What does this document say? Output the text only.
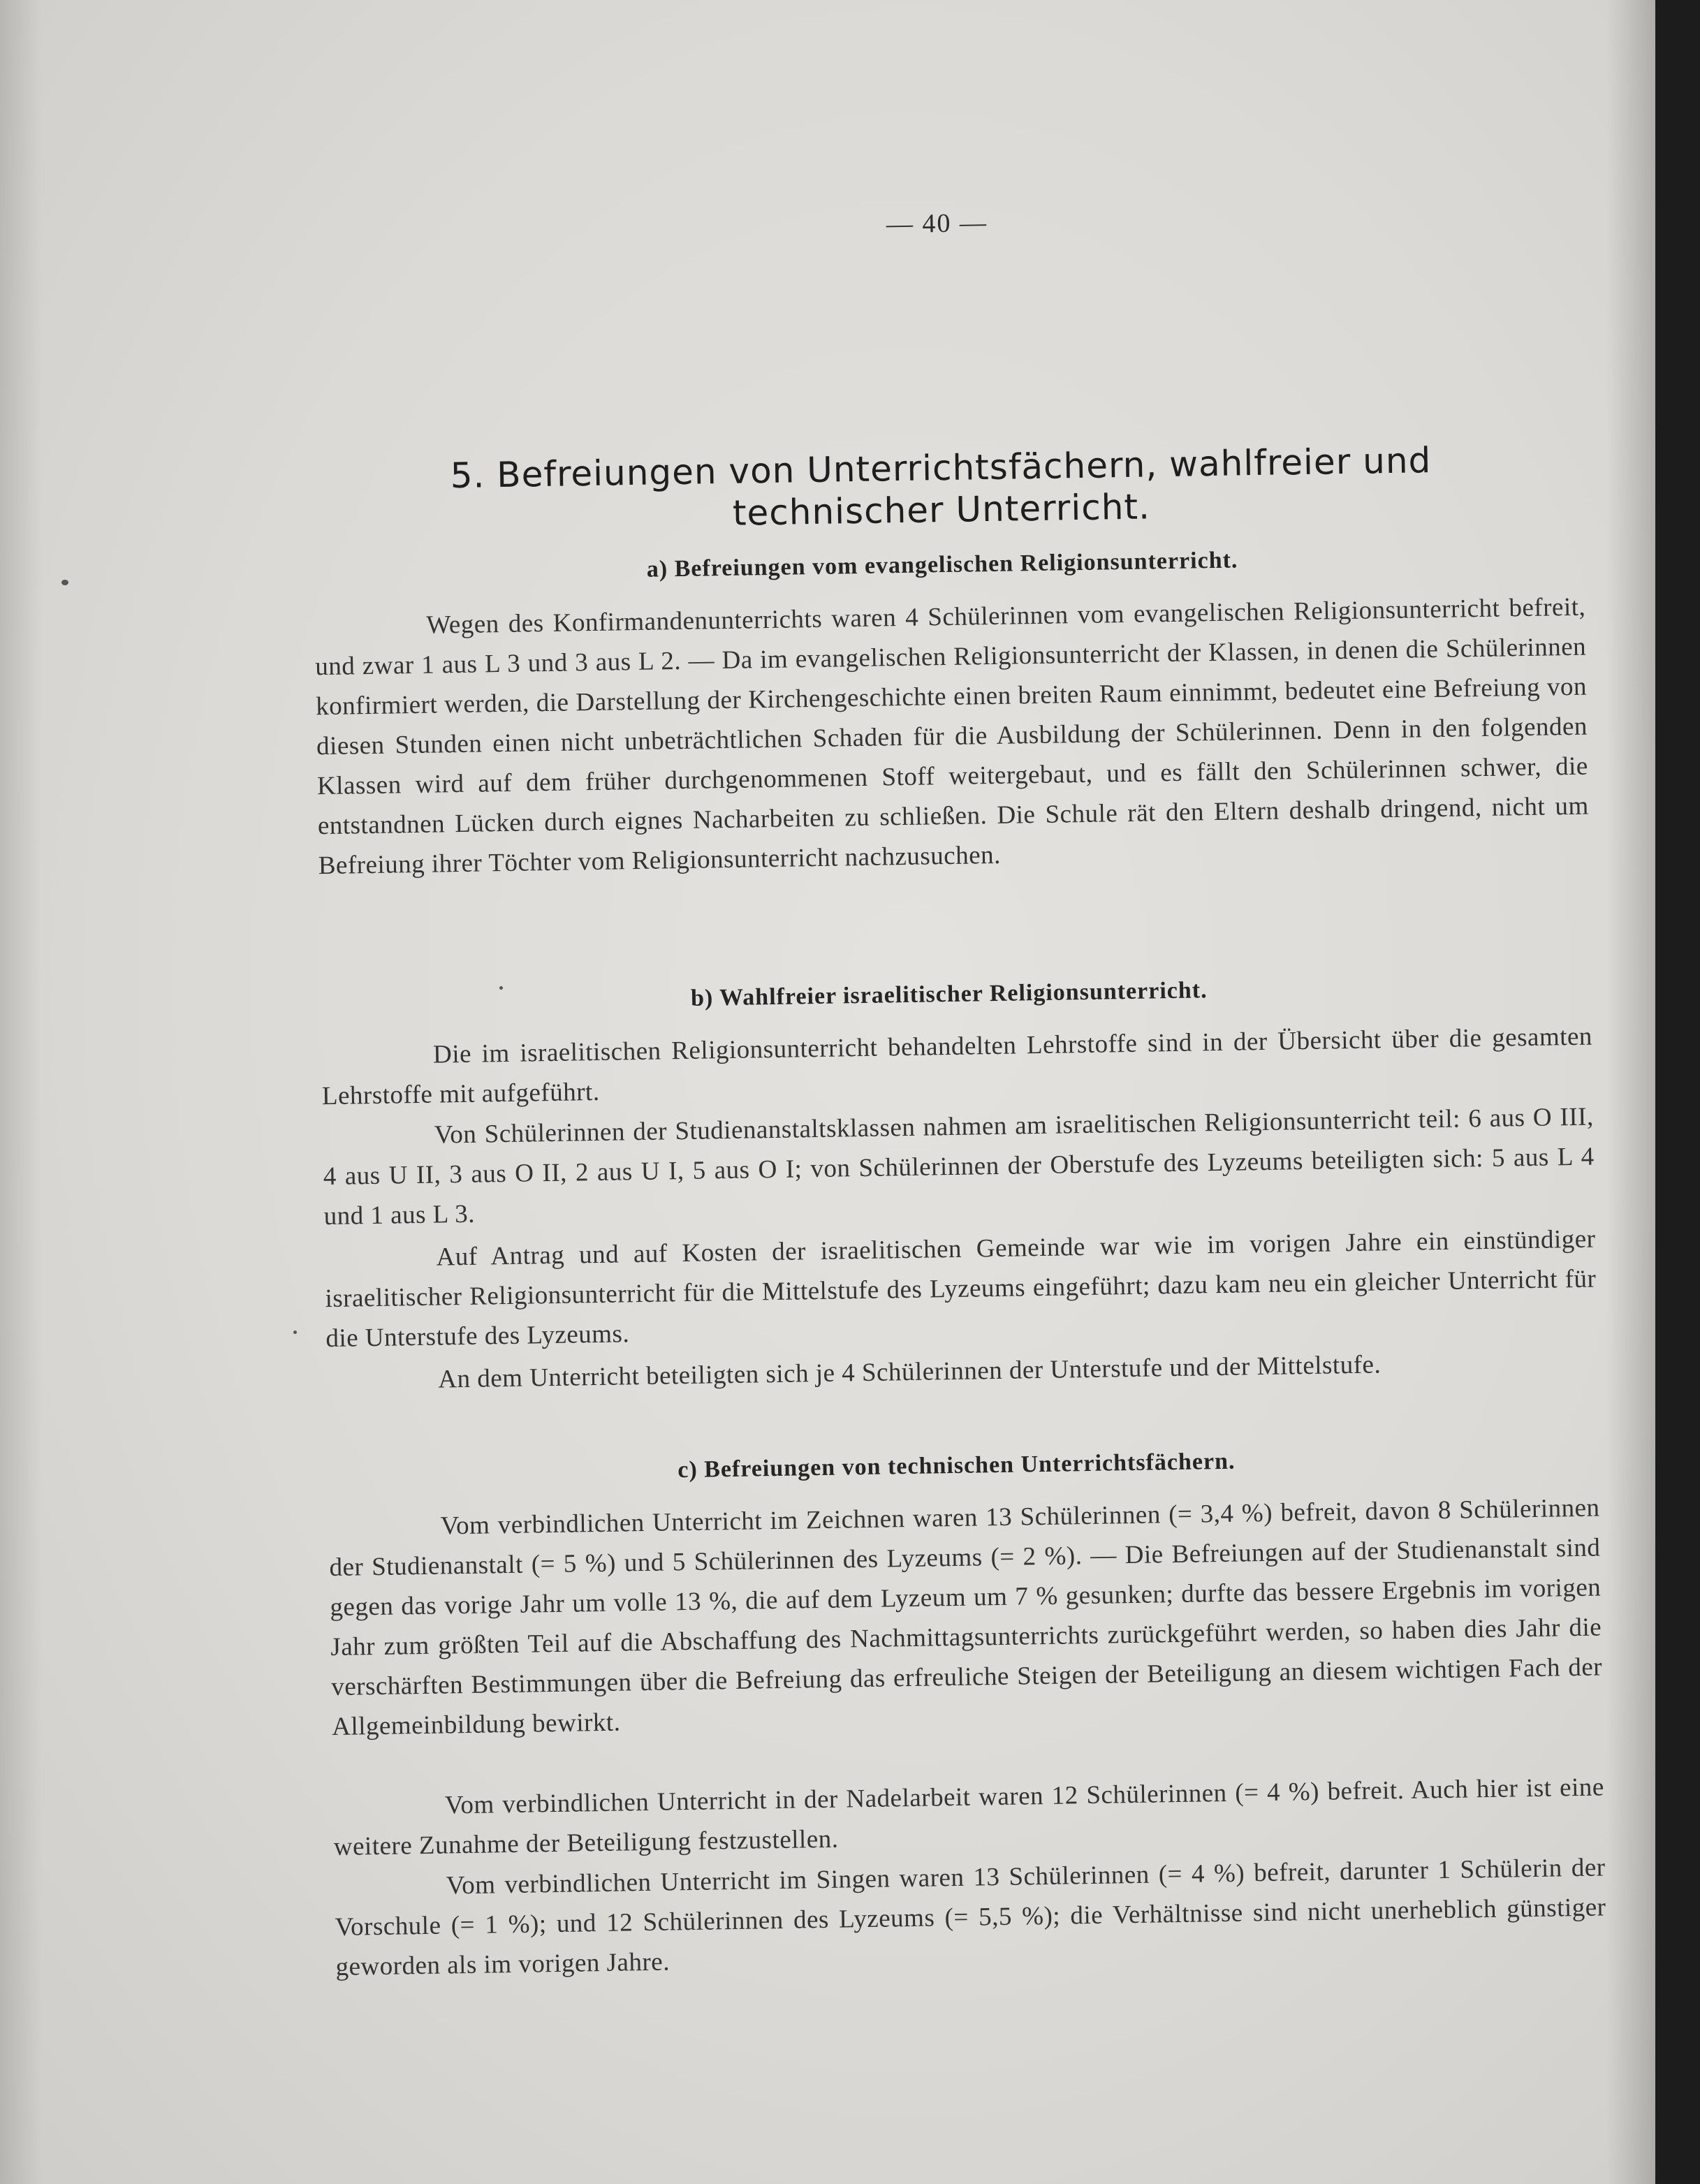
— 40 —
5. Befreiungen von Unterrichtsfächern, wahlfreier und
technischer Unterricht.
a) Befreiungen vom evangelischen Religionsunterricht.

Wegen des Konfirmandenunterrichts waren 4 Schülerinnen vom evangelischen Religionsunterricht befreit, und zwar 1 aus L 3 und 3 aus L 2. — Da im evangelischen Religionsunterricht der Klassen, in denen die Schülerinnen konfirmiert werden, die Darstellung der Kirchengeschichte einen breiten Raum einnimmt, bedeutet eine Befreiung von diesen Stunden einen nicht unbeträchtlichen Schaden für die Ausbildung der Schülerinnen. Denn in den folgenden Klassen wird auf dem früher durchgenommenen Stoff weitergebaut, und es fällt den Schülerinnen schwer, die entstandnen Lücken durch eignes Nacharbeiten zu schließen. Die Schule rät den Eltern deshalb dringend, nicht um Befreiung ihrer Töchter vom Religionsunterricht nachzusuchen.

b) Wahlfreier israelitischer Religionsunterricht.

Die im israelitischen Religionsunterricht behandelten Lehrstoffe sind in der Übersicht über die gesamten Lehrstoffe mit aufgeführt.

Von Schülerinnen der Studienanstaltsklassen nahmen am israelitischen Religionsunterricht teil: 6 aus O III, 4 aus U II, 3 aus O II, 2 aus U I, 5 aus O I; von Schülerinnen der Oberstufe des Lyzeums beteiligten sich: 5 aus L 4 und 1 aus L 3.

Auf Antrag und auf Kosten der israelitischen Gemeinde war wie im vorigen Jahre ein einstündiger israelitischer Religionsunterricht für die Mittelstufe des Lyzeums eingeführt; dazu kam neu ein gleicher Unterricht für die Unterstufe des Lyzeums.

An dem Unterricht beteiligten sich je 4 Schülerinnen der Unterstufe und der Mittelstufe.

c) Befreiungen von technischen Unterrichtsfächern.

Vom verbindlichen Unterricht im Zeichnen waren 13 Schülerinnen (= 3,4 %) befreit, davon 8 Schülerinnen der Studienanstalt (= 5 %) und 5 Schülerinnen des Lyzeums (= 2 %). — Die Befreiungen auf der Studienanstalt sind gegen das vorige Jahr um volle 13 %, die auf dem Lyzeum um 7 % gesunken; durfte das bessere Ergebnis im vorigen Jahr zum größten Teil auf die Abschaffung des Nachmittagsunterrichts zurückgeführt werden, so haben dies Jahr die verschärften Bestimmungen über die Befreiung das erfreuliche Steigen der Beteiligung an diesem wichtigen Fach der Allgemeinbildung bewirkt.

Vom verbindlichen Unterricht in der Nadelarbeit waren 12 Schülerinnen (= 4 %) befreit. Auch hier ist eine weitere Zunahme der Beteiligung festzustellen.

Vom verbindlichen Unterricht im Singen waren 13 Schülerinnen (= 4 %) befreit, darunter 1 Schülerin der Vorschule (= 1 %); und 12 Schülerinnen des Lyzeums (= 5,5 %); die Verhältnisse sind nicht unerheblich günstiger geworden als im vorigen Jahre.
